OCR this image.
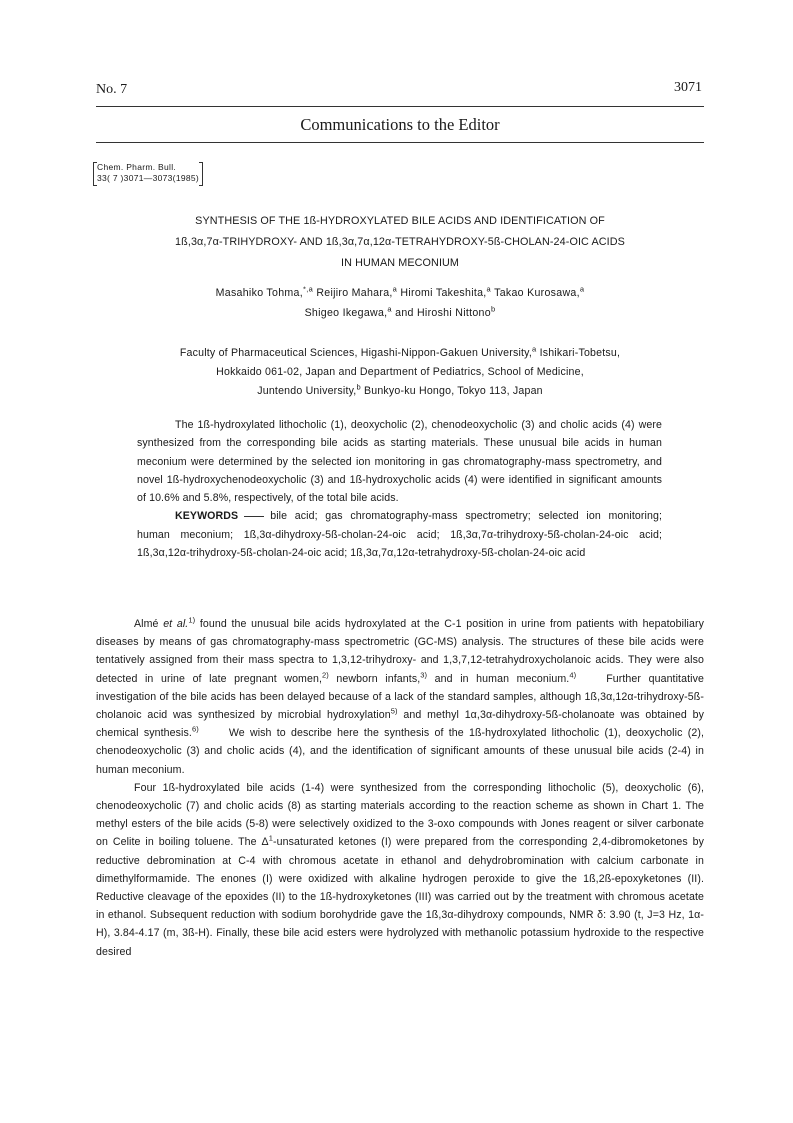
No. 7	3071
Communications to the Editor
Chem. Pharm. Bull.
33( 7 )3071—3073(1985)
SYNTHESIS OF THE 1ß-HYDROXYLATED BILE ACIDS AND IDENTIFICATION OF
1ß,3α,7α-TRIHYDROXY- AND 1ß,3α,7α,12α-TETRAHYDROXY-5ß-CHOLAN-24-OIC ACIDS
IN HUMAN MECONIUM
Masahiko Tohma,$^{*,a}$ Reijiro Mahara,$^a$ Hiromi Takeshita,$^a$ Takao Kurosawa,$^a$
Shigeo Ikegawa,$^a$ and Hiroshi Nittono$^b$
Faculty of Pharmaceutical Sciences, Higashi-Nippon-Gakuen University,$^a$ Ishikari-Tobetsu,
Hokkaido 061-02, Japan and Department of Pediatrics, School of Medicine,
Juntendo University,$^b$ Bunkyo-ku Hongo, Tokyo 113, Japan

The 1ß-hydroxylated lithocholic (1), deoxycholic (2), chenodeoxycholic (3) and cholic acids (4) were synthesized from the corresponding bile acids as starting materials. These unusual bile acids in human meconium were determined by the selected ion monitoring in gas chromatography-mass spectrometry, and novel 1ß-hydroxychenodeoxycholic (3) and 1ß-hydroxycholic acids (4) were identified in significant amounts of 10.6% and 5.8%, respectively, of the total bile acids.

KEYWORDS	bile acid; gas chromatography-mass spectrometry; selected ion monitoring; human meconium; 1ß,3α-dihydroxy-5ß-cholan-24-oic acid; 1ß,3α,7α-trihydroxy-5ß-cholan-24-oic acid; 1ß,3α,12α-trihydroxy-5ß-cholan-24-oic acid; 1ß,3α,7α,12α-tetrahydroxy-5ß-cholan-24-oic acid

Almé et al.$^{1)}$ found the unusual bile acids hydroxylated at the C-1 position in urine from patients with hepatobiliary diseases by means of gas chromatography-mass spectrometric (GC-MS) analysis. The structures of these bile acids were tentatively assigned from their mass spectra to 1,3,12-trihydroxy- and 1,3,7,12-tetrahydroxycholanoic acids. They were also detected in urine of late pregnant women,$^{2)}$ newborn infants,$^{3)}$ and in human meconium.$^{4)}$	Further quantitative investigation of the bile acids has been delayed because of a lack of the standard samples, although 1ß,3α,12α-trihydroxy-5ß-cholanoic acid was synthesized by microbial hydroxylation$^{5)}$ and methyl 1α,3α-dihydroxy-5ß-cholanoate was obtained by chemical synthesis.$^{6)}$	We wish to describe here the synthesis of the 1ß-hydroxylated lithocholic (1), deoxycholic (2), chenodeoxycholic (3) and cholic acids (4), and the identification of significant amounts of these unusual bile acids (2-4) in human meconium.

Four 1ß-hydroxylated bile acids (1-4) were synthesized from the corresponding lithocholic (5), deoxycholic (6), chenodeoxycholic (7) and cholic acids (8) as starting materials according to the reaction scheme as shown in Chart 1. The methyl esters of the bile acids (5-8) were selectively oxidized to the 3-oxo compounds with Jones reagent or silver carbonate on Celite in boiling toluene. The $\Delta^1$-unsaturated ketones (I) were prepared from the corresponding 2,4-dibromoketones by reductive debromination at C-4 with chromous acetate in ethanol and dehydrobromination with calcium carbonate in dimethylformamide. The enones (I) were oxidized with alkaline hydrogen peroxide to give the 1ß,2ß-epoxyketones (II). Reductive cleavage of the epoxides (II) to the 1ß-hydroxyketones (III) was carried out by the treatment with chromous acetate in ethanol. Subsequent reduction with sodium borohydride gave the 1ß,3α-dihydroxy compounds, NMR δ: 3.90 (t, J=3 Hz, 1α-H), 3.84-4.17 (m, 3ß-H). Finally, these bile acid esters were hydrolyzed with methanolic potassium hydroxide to the respective desired
